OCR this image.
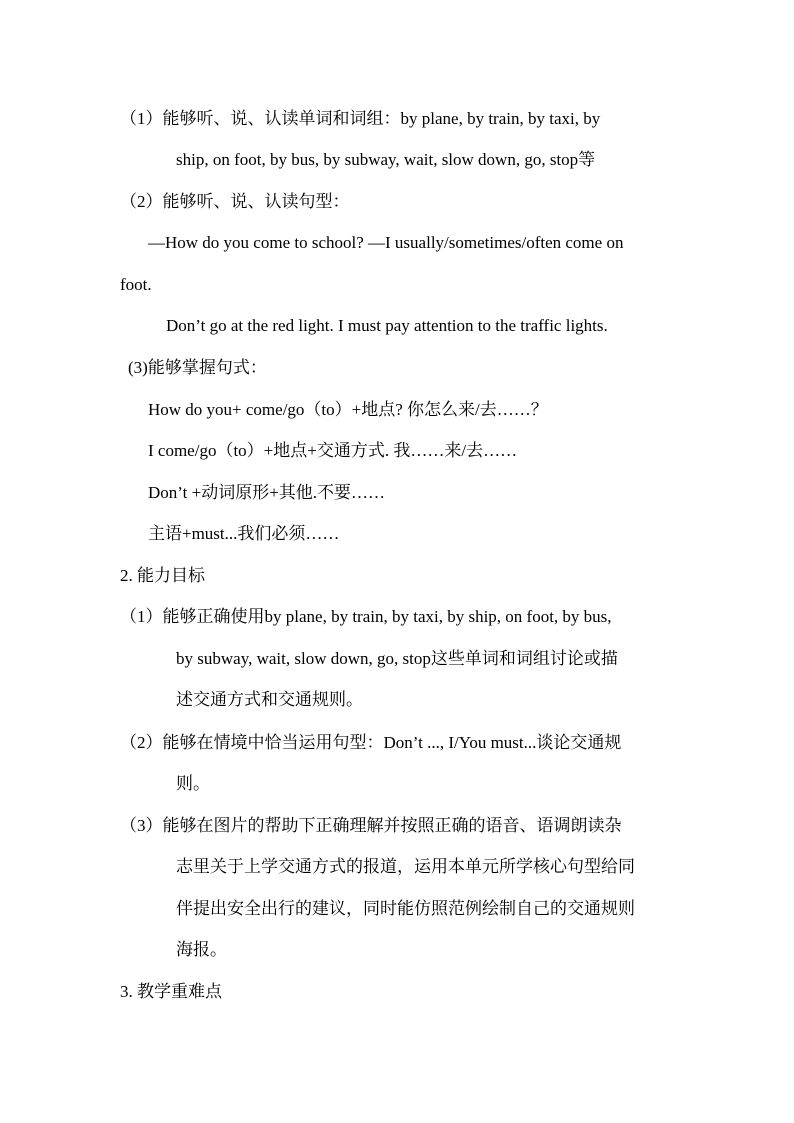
（1）能够听、说、认读单词和词组：by plane, by train, by taxi, by
ship, on foot, by bus, by subway, wait, slow down, go, stop等
（2）能够听、说、认读句型：
—How do you come to school? —I usually/sometimes/often come on
foot.
Don’t go at the red light. I must pay attention to the traffic lights.
(3)能够掌握句式：
How do you+ come/go（to）+地点? 你怎么来/去……？
I come/go（to）+地点+交通方式. 我……来/去……
Don’t +动词原形+其他.不要……
主语+must...我们必须……
2. 能力目标
（1）能够正确使用by plane, by train, by taxi, by ship, on foot, by bus,
by subway, wait, slow down, go, stop这些单词和词组讨论或描
述交通方式和交通规则。
（2）能够在情境中恰当运用句型：Don’t ..., I/You must...谈论交通规
则。
（3）能够在图片的帮助下正确理解并按照正确的语音、语调朗读杂
志里关于上学交通方式的报道，运用本单元所学核心句型给同
伴提出安全出行的建议，同时能仿照范例绘制自己的交通规则
海报。
3. 教学重难点
